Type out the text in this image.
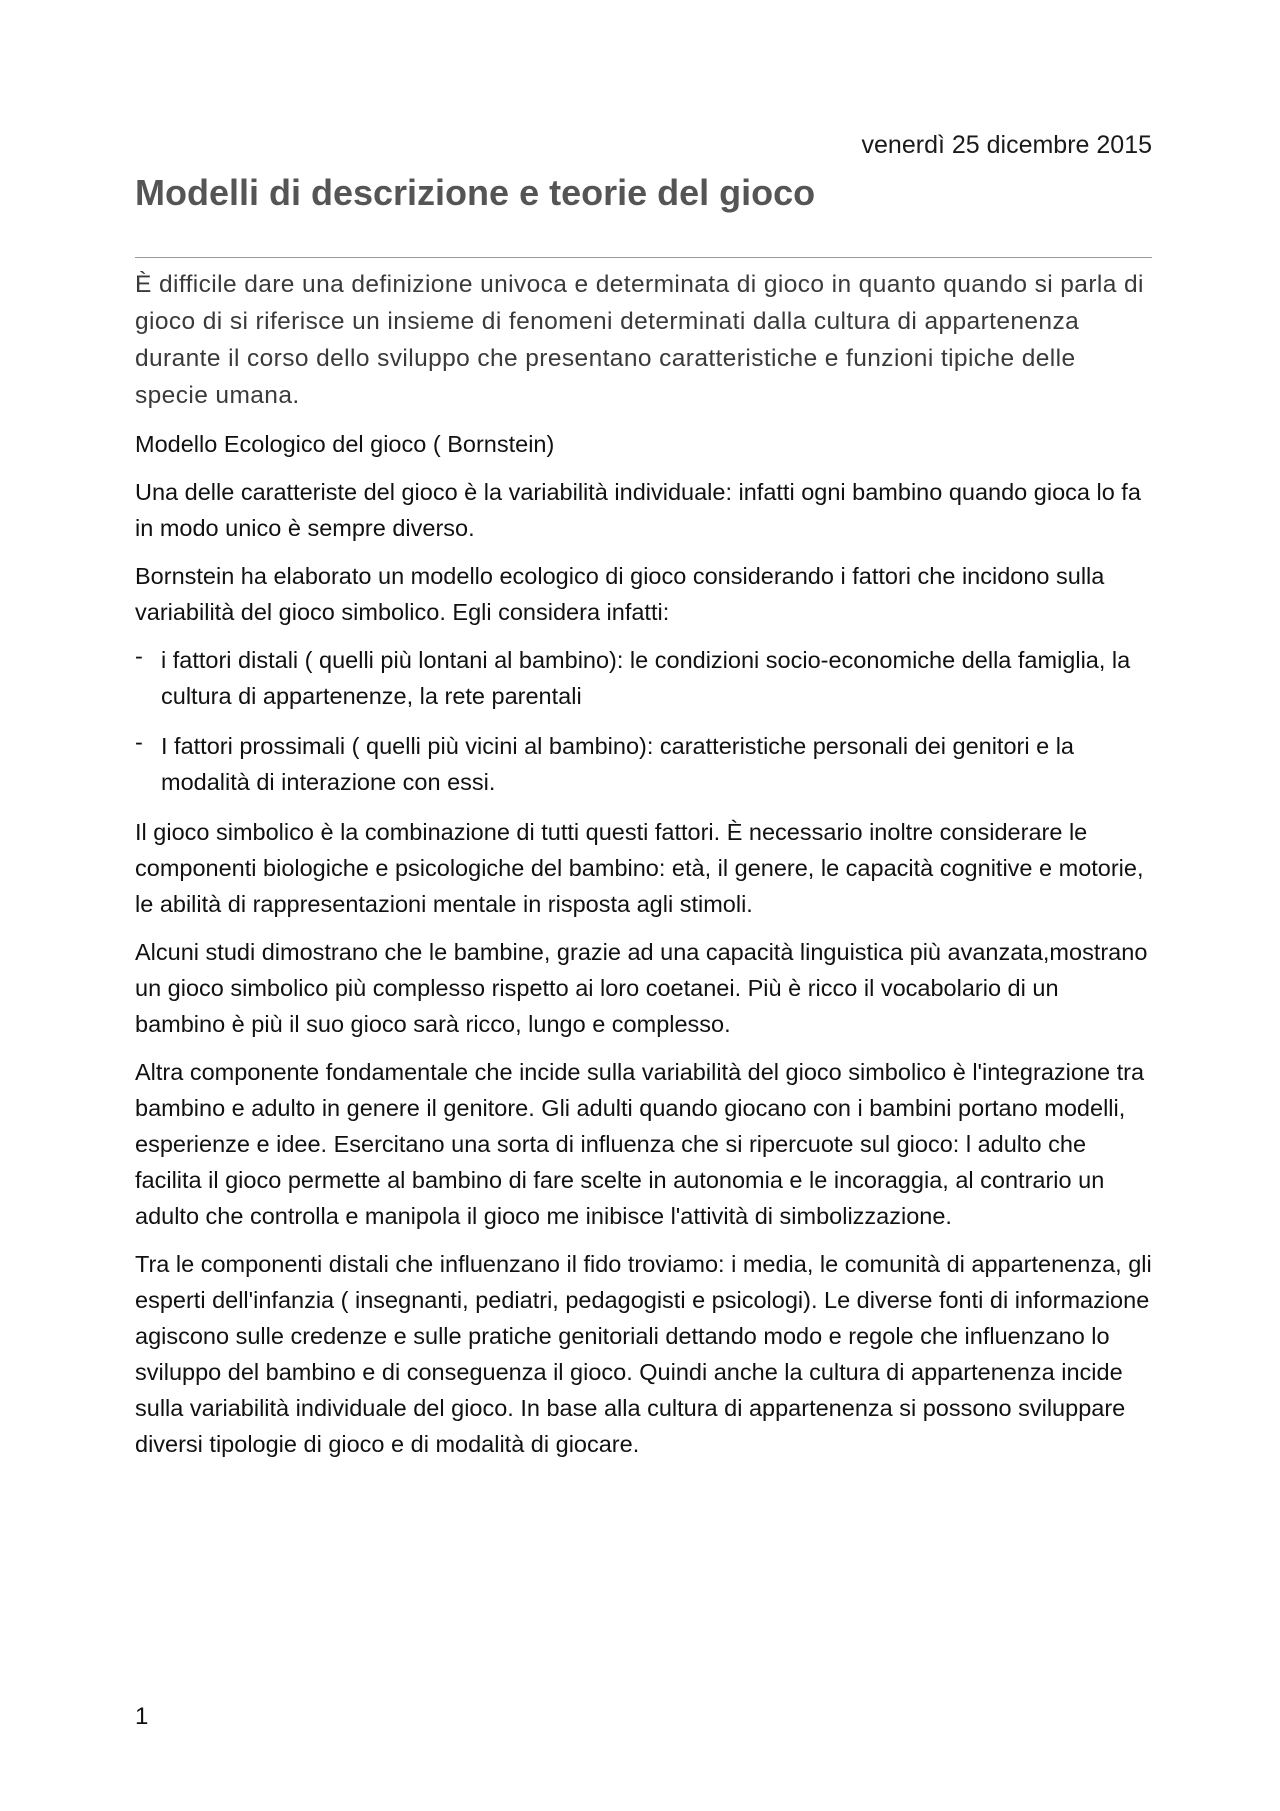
venerdì 25 dicembre 2015
Modelli di descrizione e teorie del gioco

È difficile dare una definizione univoca e determinata di gioco in quanto quando si parla di gioco di si riferisce un insieme di fenomeni determinati dalla cultura di appartenenza durante il corso dello sviluppo che presentano caratteristiche e funzioni tipiche delle specie umana.

Modello Ecologico del gioco ( Bornstein)

Una delle caratteriste del gioco è la variabilità individuale: infatti ogni bambino quando gioca lo fa in modo unico è sempre diverso.

Bornstein ha elaborato un modello ecologico di gioco considerando i fattori che incidono sulla variabilità del gioco simbolico. Egli considera infatti:

- i fattori distali ( quelli più lontani al bambino): le condizioni socio-economiche della famiglia, la cultura di appartenenze, la rete parentali
- I fattori prossimali ( quelli più vicini al bambino): caratteristiche personali dei genitori e la modalità di interazione con essi.

Il gioco simbolico è la combinazione di tutti questi fattori. È necessario inoltre considerare le componenti biologiche e psicologiche del bambino: età, il genere, le capacità cognitive e motorie, le abilità di rappresentazioni mentale in risposta agli stimoli.

Alcuni studi dimostrano che le bambine, grazie ad una capacità linguistica più avanzata,mostrano un gioco simbolico più complesso rispetto ai loro coetanei. Più è ricco il vocabolario di un bambino è più il suo gioco sarà ricco, lungo e complesso.

Altra componente fondamentale che incide sulla variabilità del gioco simbolico è l'integrazione tra bambino e adulto in genere il genitore. Gli adulti quando giocano con i bambini portano modelli, esperienze e idee. Esercitano una sorta di influenza che si ripercuote sul gioco: l adulto che facilita il gioco permette al bambino di fare scelte in autonomia e le incoraggia, al contrario un adulto che controlla e manipola il gioco me inibisce l'attività di simbolizzazione.

Tra le componenti distali che influenzano il fido troviamo: i media, le comunità di appartenenza, gli esperti dell'infanzia ( insegnanti, pediatri, pedagogisti e psicologi). Le diverse fonti di informazione agiscono sulle credenze e sulle pratiche genitoriali dettando modo e regole che influenzano lo sviluppo del bambino e di conseguenza il gioco. Quindi anche la cultura di appartenenza incide sulla variabilità individuale del gioco. In base alla cultura di appartenenza si possono sviluppare diversi tipologie di gioco e di modalità di giocare.

1
